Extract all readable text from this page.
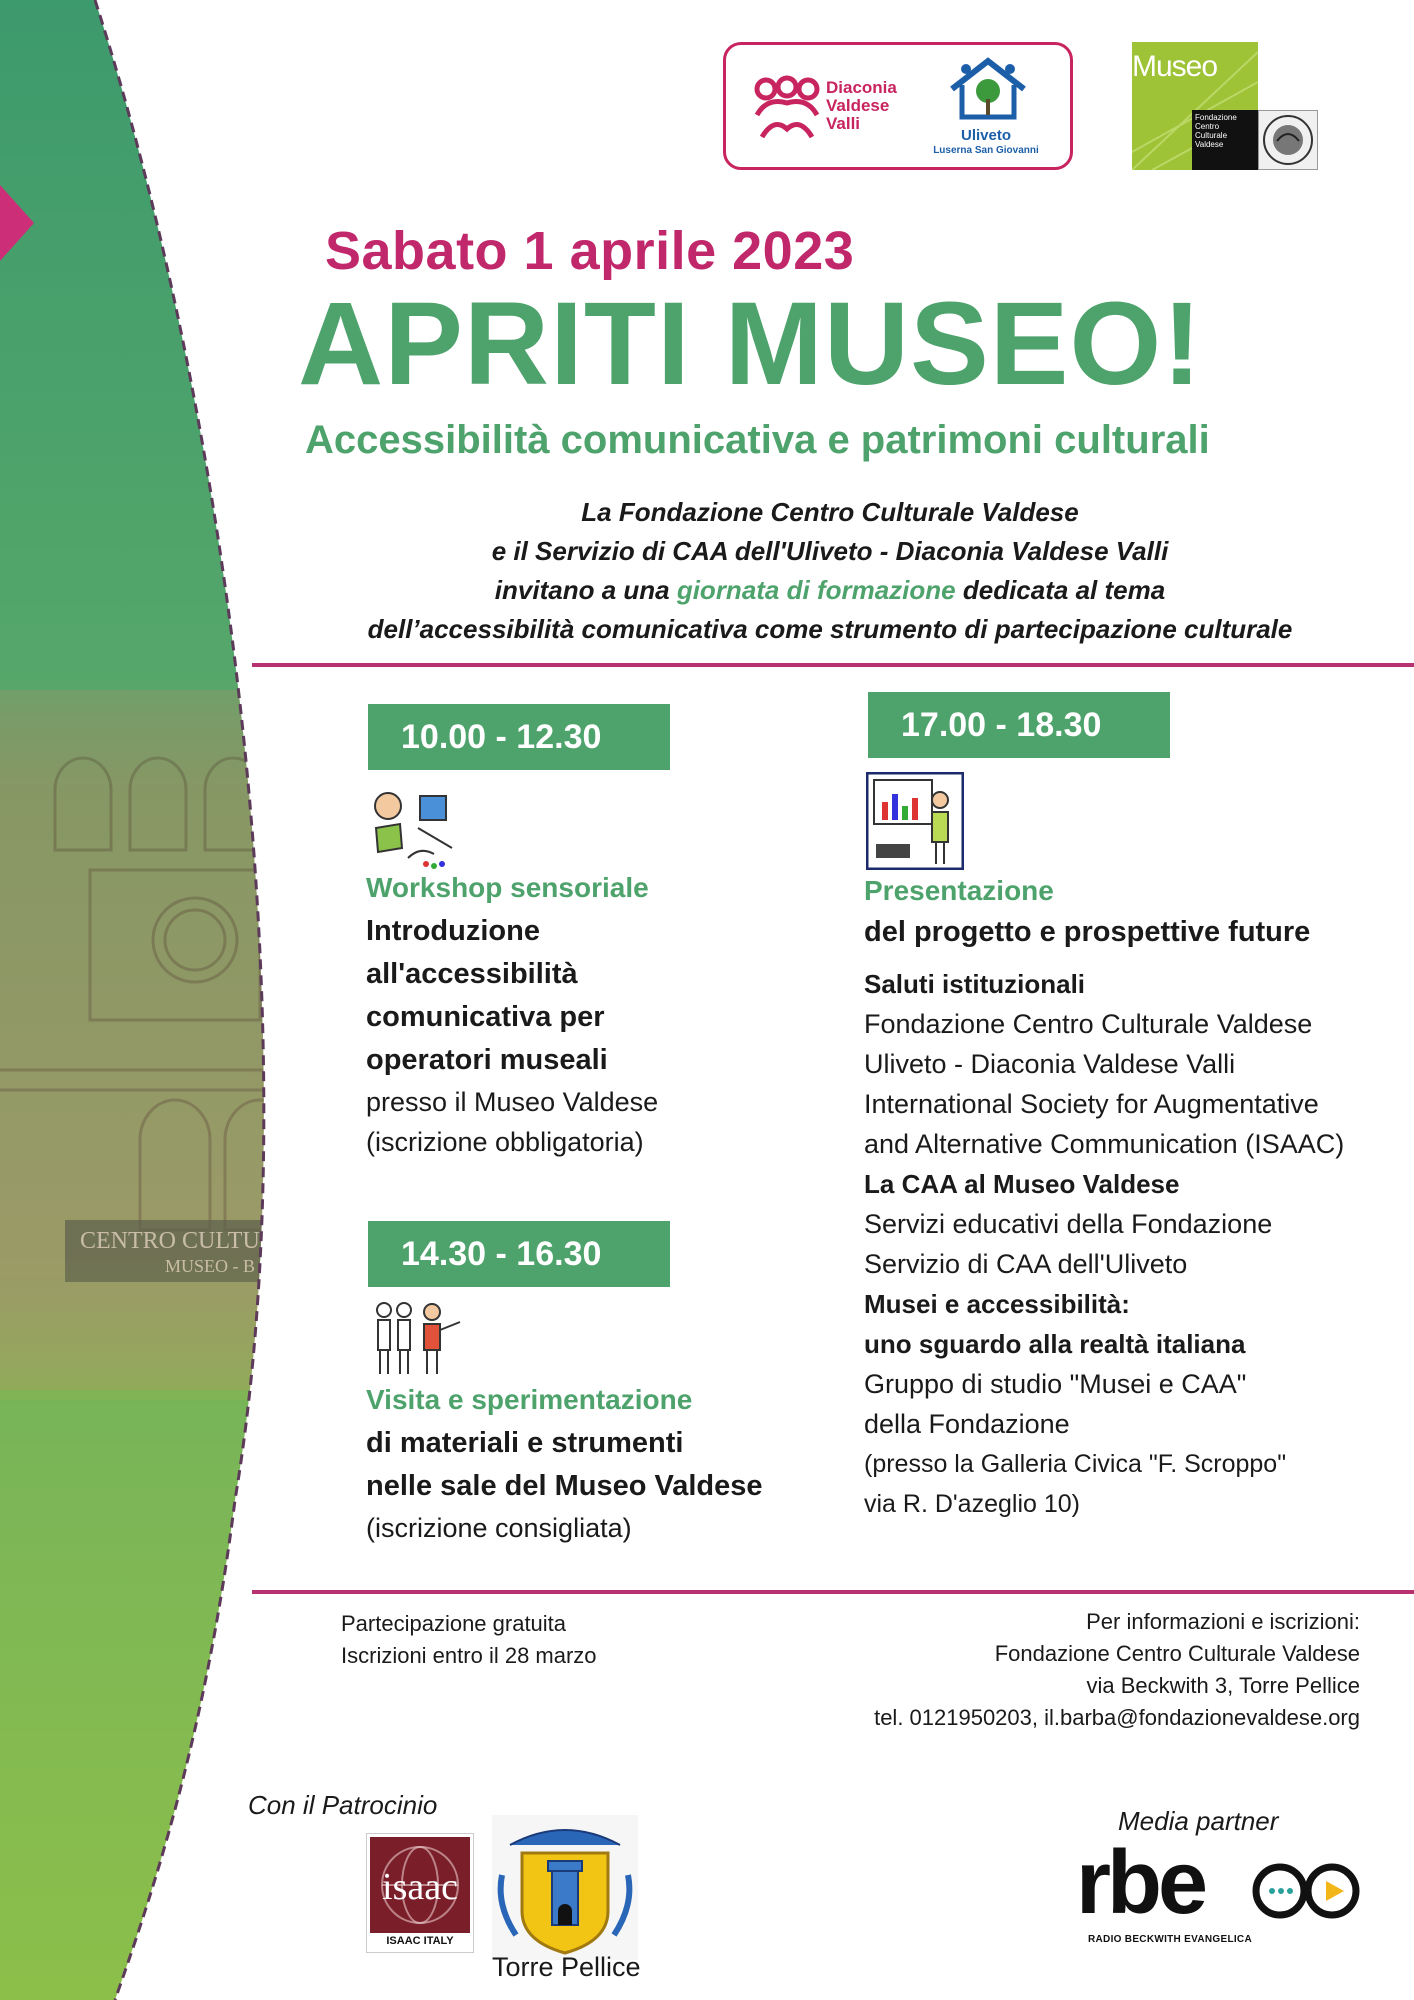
Diaconia
Valdese
Valli
Uliveto
Luserna San Giovanni
Museo
Fondazione
Centro
Culturale
Valdese
Sabato 1 aprile 2023
APRITI MUSEO!
Accessibilità comunicativa e patrimoni culturali
La Fondazione Centro Culturale Valdese
e il Servizio di CAA dell'Uliveto - Diaconia Valdese Valli
invitano a una giornata di formazione dedicata al tema
dell’accessibilità comunicativa come strumento di partecipazione culturale
10.00 - 12.30
Workshop sensoriale
Introduzione
all'accessibilità
comunicativa per
operatori museali
presso il Museo Valdese
(iscrizione obbligatoria)
14.30 - 16.30
Visita e sperimentazione
di materiali e strumenti
nelle sale del Museo Valdese
(iscrizione consigliata)
17.00 - 18.30
Presentazione
del progetto e prospettive future
Saluti istituzionali
Fondazione Centro Culturale Valdese
Uliveto - Diaconia Valdese Valli
International Society for Augmentative
and Alternative Communication (ISAAC)
La CAA al Museo Valdese
Servizi educativi della Fondazione
Servizio di CAA dell'Uliveto
Musei e accessibilità:
uno sguardo alla realtà italiana
Gruppo di studio "Musei e CAA"
della Fondazione
(presso la Galleria Civica "F. Scroppo"
via R. D'azeglio 10)
Partecipazione gratuita
Iscrizioni entro il 28 marzo
Per informazioni e iscrizioni:
Fondazione Centro Culturale Valdese
via Beckwith 3, Torre Pellice
tel. 0121950203, il.barba@fondazionevaldese.org
Con il Patrocinio
isaac
ISAAC ITALY
Torre Pellice
Media partner
rbe
RADIO BECKWITH EVANGELICA
